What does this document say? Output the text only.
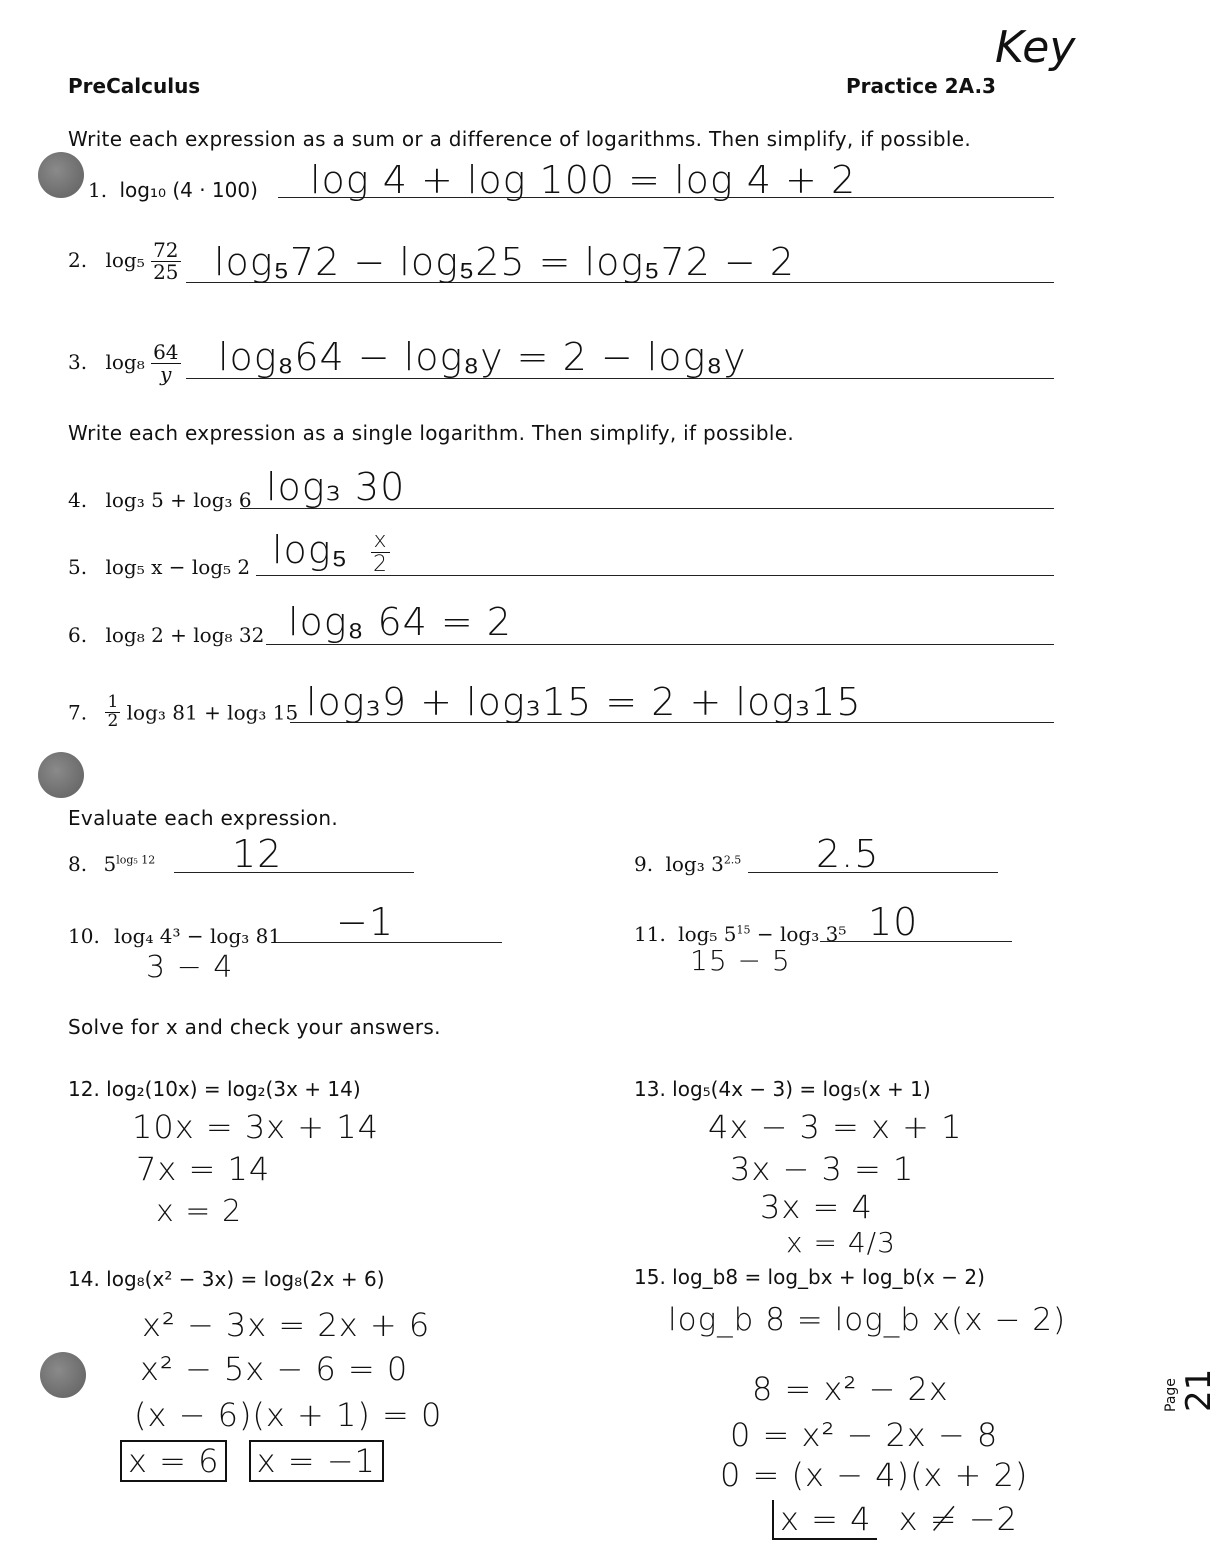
PreCalculus	Practice 2A.3
Key
Write each expression as a sum or a difference of logarithms. Then simplify, if possible.
1. log₁₀ (4 · 100) log 4 + log 100 = log 4 + 2
2. $\log_5 \frac{72}{25} \log_572 - \log_525 = \log_572 - 2$
3. $\log_8 \frac{64}{y} \log_864 - \log_8y = 2 - \log_8y$
Write each expression as a single logarithm. Then simplify, if possible.
4. log₃ 5 + log₃ 6 log₃ 30
5. log₅ x − log₅ 2 $\log_5 \frac{x}{2}$
6. log₈ 2 + log₈ 32 log₈ 64 = 2
7. $\frac{1}{2} \log_3$ 81 + log₃ 15 log₃9 + log₃15 = 2 + log₃15
Evaluate each expression.
8. $5^{log_5 12}$ 12	9. log₃ $3^{2.5}$ 2.5
10. log₄ 4³ − log₃ 81 −1
3 − 4
11. log₅ $5^{15} - \log_3$ 3⁵ 10
15 − 5
Solve for x and check your answers.
12. log₂(10x) = log₂(3x + 14)
10x = 3x + 14
7x = 14
x = 2
13. log₅(4x − 3) = log₅(x + 1)
4x − 3 = x + 1
3x − 3 = 1
3x = 4
x = 4/3
14. log₈(x² − 3x) = log₈(2x + 6)
x² − 3x = 2x + 6
x² − 5x − 6 = 0
(x − 6)(x + 1) = 0
x = 6 x = −1
15. log_b8 = log_bx + log_b(x − 2)
log_b 8 = log_b x(x − 2)
8 = x² − 2x
0 = x² − 2x − 8
0 = (x − 4)(x + 2)
x = 4 x ≠ −2
Page 21
